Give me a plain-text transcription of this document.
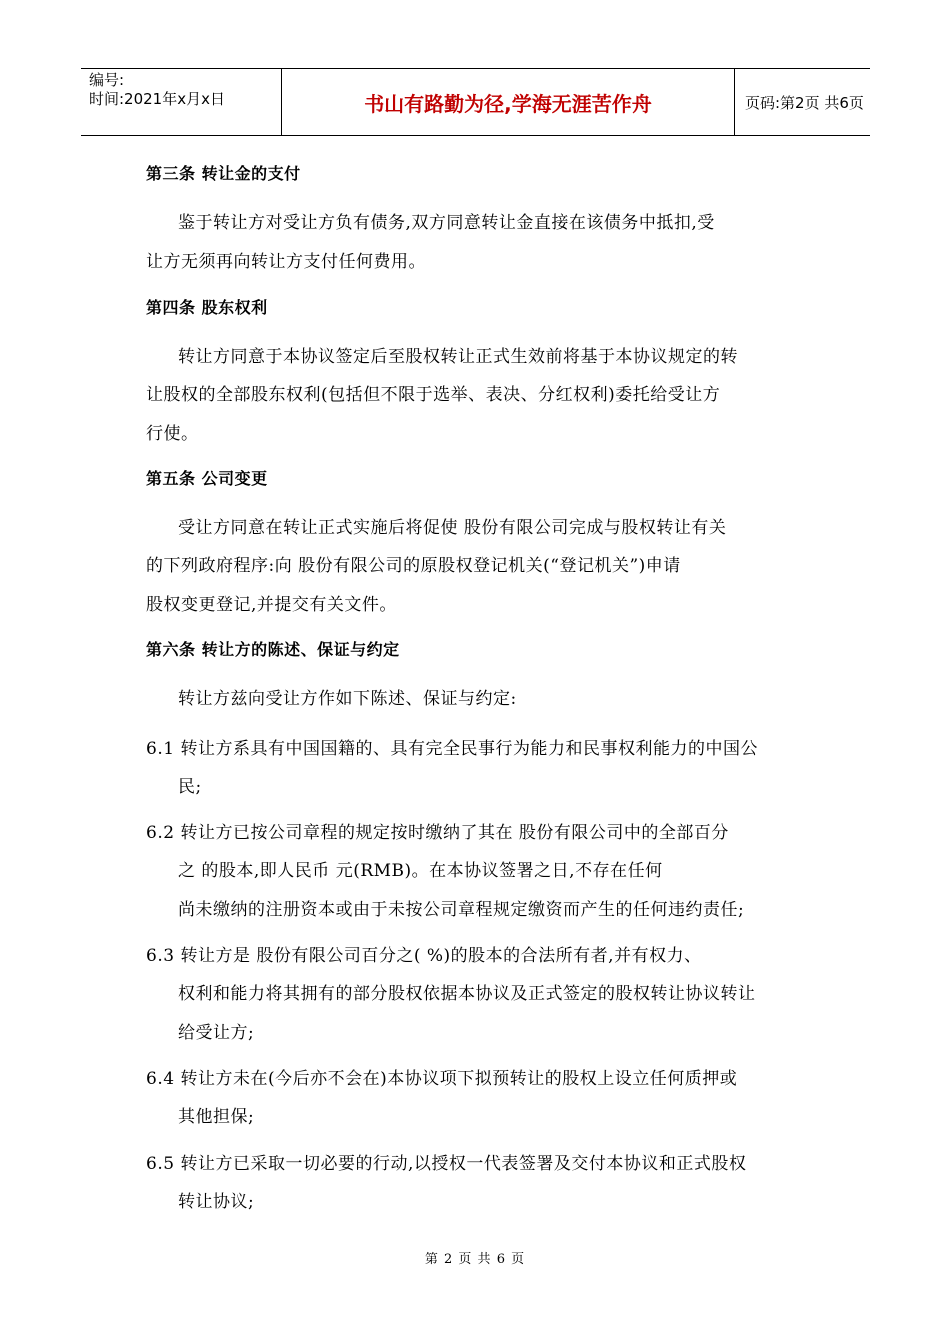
编号:
时间:2021年x月x日	书山有路勤为径,学海无涯苦作舟	页码:第2页 共6页
第三条 转让金的支付
鉴于转让方对受让方负有债务,双方同意转让金直接在该债务中抵扣,受
让方无须再向转让方支付任何费用。
第四条 股东权利
转让方同意于本协议签定后至股权转让正式生效前将基于本协议规定的转
让股权的全部股东权利(包括但不限于选举、表决、分红权利)委托给受让方
行使。
第五条 公司变更
受让方同意在转让正式实施后将促使 股份有限公司完成与股权转让有关
的下列政府程序:向 股份有限公司的原股权登记机关(“登记机关”)申请
股权变更登记,并提交有关文件。
第六条 转让方的陈述、保证与约定
转让方兹向受让方作如下陈述、保证与约定:
6.1 转让方系具有中国国籍的、具有完全民事行为能力和民事权利能力的中国公
民;
6.2 转让方已按公司章程的规定按时缴纳了其在 股份有限公司中的全部百分
之 的股本,即人民币 元(RMB)。在本协议签署之日,不存在任何
尚未缴纳的注册资本或由于未按公司章程规定缴资而产生的任何违约责任;
6.3 转让方是 股份有限公司百分之( %)的股本的合法所有者,并有权力、
权利和能力将其拥有的部分股权依据本协议及正式签定的股权转让协议转让
给受让方;
6.4 转让方未在(今后亦不会在)本协议项下拟预转让的股权上设立任何质押或
其他担保;
6.5 转让方已采取一切必要的行动,以授权一代表签署及交付本协议和正式股权
转让协议;
第 2 页 共 6 页
